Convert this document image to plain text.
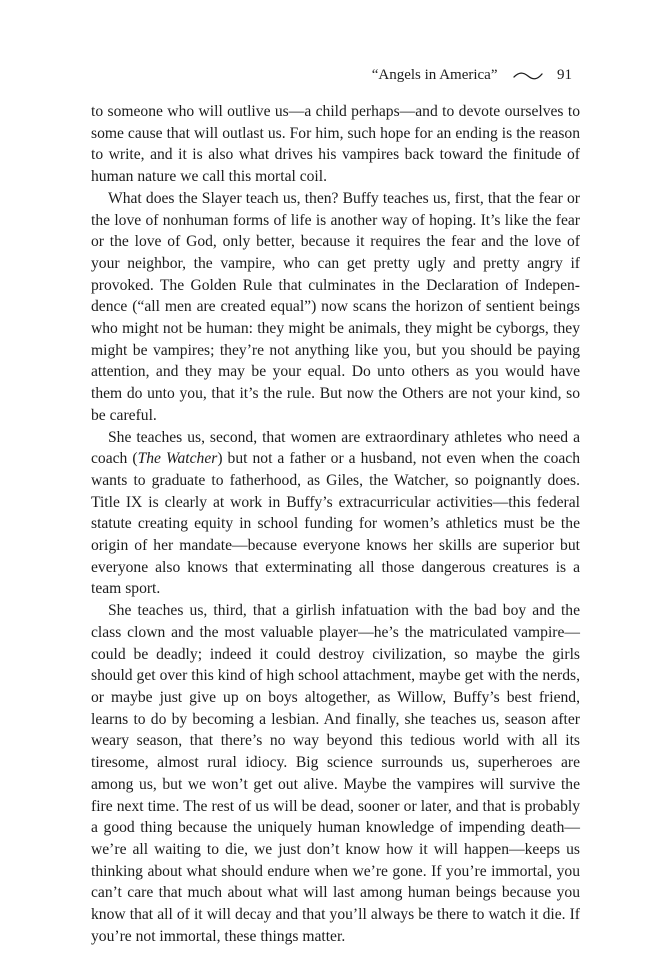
“Angels in America”	91

to someone who will outlive us—a child perhaps—and to devote ourselves to some cause that will outlast us. For him, such hope for an ending is the reason to write, and it is also what drives his vampires back toward the finitude of human nature we call this mortal coil.

What does the Slayer teach us, then? Buffy teaches us, first, that the fear or the love of nonhuman forms of life is another way of hoping. It’s like the fear or the love of God, only better, because it requires the fear and the love of your neighbor, the vampire, who can get pretty ugly and pretty angry if provoked. The Golden Rule that culminates in the Declaration of Independence (“all men are created equal”) now scans the horizon of sentient beings who might not be human: they might be animals, they might be cyborgs, they might be vampires; they’re not anything like you, but you should be paying attention, and they may be your equal. Do unto others as you would have them do unto you, that it’s the rule. But now the Others are not your kind, so be careful.

She teaches us, second, that women are extraordinary athletes who need a coach (The Watcher) but not a father or a husband, not even when the coach wants to graduate to fatherhood, as Giles, the Watcher, so poignantly does. Title IX is clearly at work in Buffy’s extracurricular activities—this federal statute creating equity in school funding for women’s athletics must be the origin of her mandate—because everyone knows her skills are superior but everyone also knows that exterminating all those dangerous creatures is a team sport.

She teaches us, third, that a girlish infatuation with the bad boy and the class clown and the most valuable player—he’s the matriculated vampire—could be deadly; indeed it could destroy civilization, so maybe the girls should get over this kind of high school attachment, maybe get with the nerds, or maybe just give up on boys altogether, as Willow, Buffy’s best friend, learns to do by becoming a lesbian. And finally, she teaches us, season after weary season, that there’s no way beyond this tedious world with all its tiresome, almost rural idiocy. Big science surrounds us, superheroes are among us, but we won’t get out alive. Maybe the vampires will survive the fire next time. The rest of us will be dead, sooner or later, and that is probably a good thing because the uniquely human knowledge of impending death—we’re all waiting to die, we just don’t know how it will happen—keeps us thinking about what should endure when we’re gone. If you’re immortal, you can’t care that much about what will last among human beings because you know that all of it will decay and that you’ll always be there to watch it die. If you’re not immortal, these things matter.
